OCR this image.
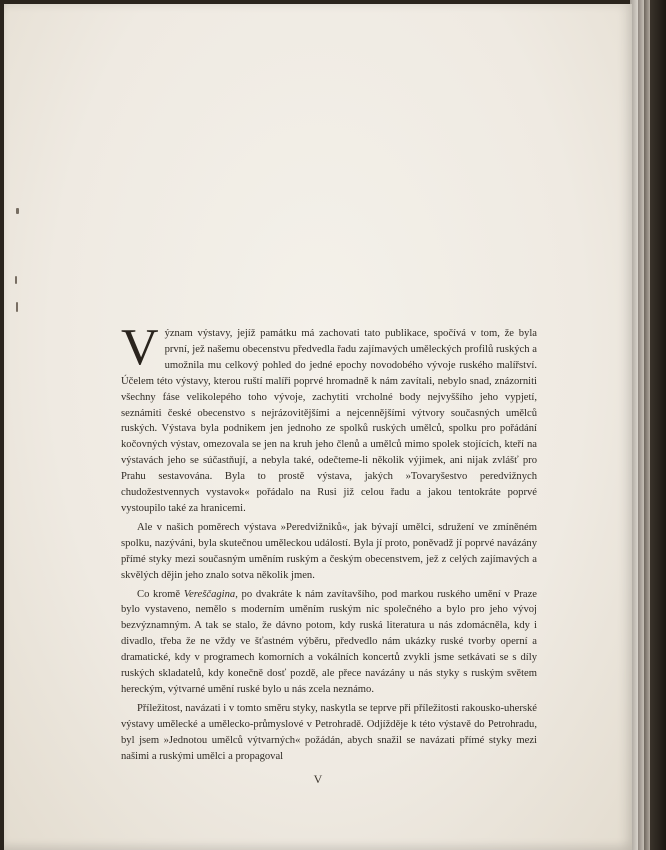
Význam výstavy, jejíž památku má zachovati tato publikace, spočívá v tom, že byla první, jež našemu obecenstvu předvedla řadu zajímavých uměleckých profilů ruských a umožnila mu celkový pohled do jedné epochy novodobého vývoje ruského malířství. Účelem této výstavy, kterou ruští malíři poprvé hromadně k nám zavítali, nebylo snad, znázorniti všechny fáse velikolepého toho vývoje, zachytiti vrcholné body nejvyššího jeho vypjetí, seznámiti české obecenstvo s nejrázovitějšími a nejcennějšími výtvory současných umělců ruských. Výstava byla podnikem jen jednoho ze spolků ruských umělců, spolku pro pořádání kočovných výstav, omezovala se jen na kruh jeho členů a umělců mimo spolek stojících, kteří na výstavách jeho se súčastňují, a nebyla také, odečteme-li několik výjimek, ani nijak zvlášť pro Prahu sestavována. Byla to prostě výstava, jakých »Tovaryšestvo peredvižnych chudožestvennych vystavok« pořádalo na Rusi již celou řadu a jakou tentokráte poprvé vystoupilo také za hranicemi.

Ale v našich poměrech výstava »Peredvižniků«, jak bývají umělci, sdružení ve zmíněném spolku, nazýváni, byla skutečnou uměleckou událostí. Byla jí proto, poněvadž jí poprvé navázány přímé styky mezi současným uměním ruským a českým obecenstvem, jež z celých zajímavých a skvělých dějin jeho znalo sotva několik jmen.

Co kromě Vereščagina, po dvakráte k nám zavítavšího, pod markou ruského umění v Praze bylo vystaveno, nemělo s moderním uměním ruským nic společného a bylo pro jeho vývoj bezvýznamným. A tak se stalo, že dávno potom, kdy ruská literatura u nás zdomácněla, kdy i divadlo, třeba že ne vždy ve šťastném výběru, předvedlo nám ukázky ruské tvorby operní a dramatické, kdy v programech komorních a vokálních koncertů zvykli jsme setkávati se s díly ruských skladatelů, kdy konečně dosť pozdě, ale přece navázány u nás styky s ruským světem hereckým, výtvarné umění ruské bylo u nás zcela neznámo.

Příležitost, navázati i v tomto směru styky, naskytla se teprve při příležitosti rakousko-uherské výstavy umělecké a umělecko-průmyslové v Petrohradě. Odjížděje k této výstavě do Petrohradu, byl jsem »Jednotou umělců výtvarných« požádán, abych snažil se navázati přímé styky mezi našimi a ruskými umělci a propagoval

V
